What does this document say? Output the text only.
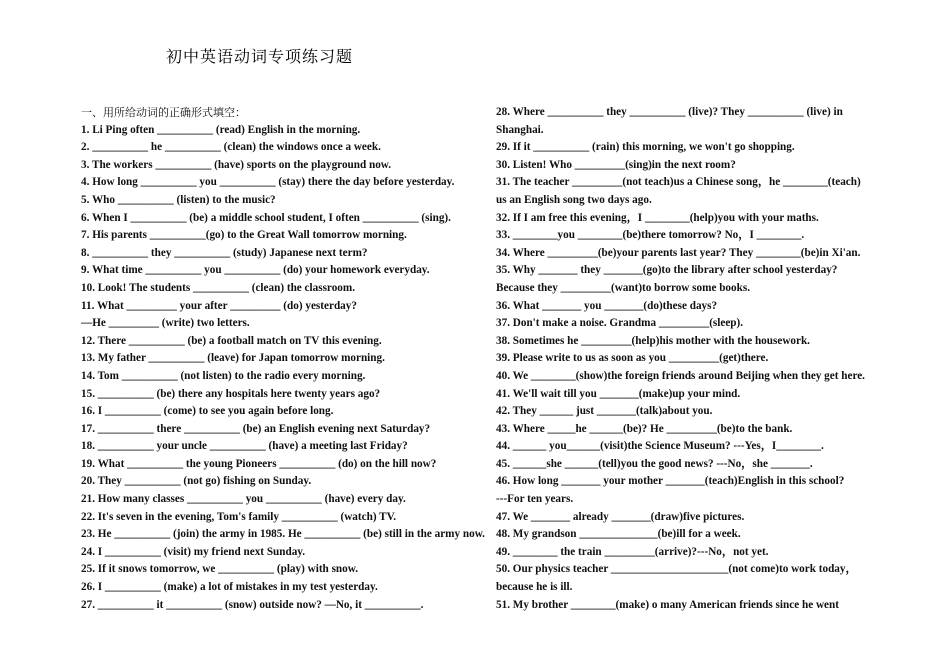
初中英语动词专项练习题
一、用所给动词的正确形式填空：
1. Li Ping often __________ (read) English in the morning.
2. __________ he __________ (clean) the windows once a week.
3. The workers __________ (have) sports on the playground now.
4. How long __________ you __________ (stay) there the day before yesterday.
5. Who __________ (listen) to the music?
6. When I __________ (be) a middle school student, I often __________ (sing).
7. His parents __________(go) to the Great Wall tomorrow morning.
8. __________ they __________ (study) Japanese next term?
9. What time __________ you __________ (do) your homework everyday.
10. Look! The students __________ (clean) the classroom.
11. What _________ your after _________ (do) yesterday?
—He _________ (write) two letters.
12. There __________ (be) a football match on TV this evening.
13. My father __________ (leave) for Japan tomorrow morning.
14. Tom __________ (not listen) to the radio every morning.
15. __________ (be) there any hospitals here twenty years ago?
16. I __________ (come) to see you again before long.
17. __________ there __________ (be) an English evening next Saturday?
18. __________ your uncle __________ (have) a meeting last Friday?
19. What __________ the young Pioneers __________ (do) on the hill now?
20. They __________ (not go) fishing on Sunday.
21. How many classes __________ you __________ (have) every day.
22. It's seven in the evening, Tom's family __________ (watch) TV.
23. He __________ (join) the army in 1985. He __________ (be) still in the army now.
24. I __________ (visit) my friend next Sunday.
25. If it snows tomorrow, we __________ (play) with snow.
26. I __________ (make) a lot of mistakes in my test yesterday.
27. __________ it __________ (snow) outside now? —No, it __________.
28. Where __________ they __________ (live)? They __________ (live) in
Shanghai.
29. If it __________ (rain) this morning, we won't go shopping.
30. Listen! Who _________(sing)in the next room?
31. The teacher _________(not teach)us a Chinese song，he ________(teach)
us an English song two days ago.
32. If I am free this evening，I ________(help)you with your maths.
33. ________you ________(be)there tomorrow? No，I ________.
34. Where _________(be)your parents last year? They ________(be)in Xi'an.
35. Why _______ they _______(go)to the library after school yesterday?
Because they _________(want)to borrow some books.
36. What _______ you _______(do)these days?
37. Don't make a noise. Grandma _________(sleep).
38. Sometimes he _________(help)his mother with the housework.
39. Please write to us as soon as you _________(get)there.
40. We ________(show)the foreign friends around Beijing when they get here.
41. We'll wait till you _______(make)up your mind.
42. They ______ just _______(talk)about you.
43. Where _____he ______(be)? He _________(be)to the bank.
44. ______ you______(visit)the Science Museum? ---Yes，I________.
45. ______she ______(tell)you the good news? ---No，she _______.
46. How long _______ your mother _______(teach)English in this school?
---For ten years.
47. We _______ already _______(draw)five pictures.
48. My grandson ______________(be)ill for a week.
49. ________ the train _________(arrive)?---No，not yet.
50. Our physics teacher _____________________(not come)to work today，
because he is ill.
51. My brother ________(make) o many American friends since he went
